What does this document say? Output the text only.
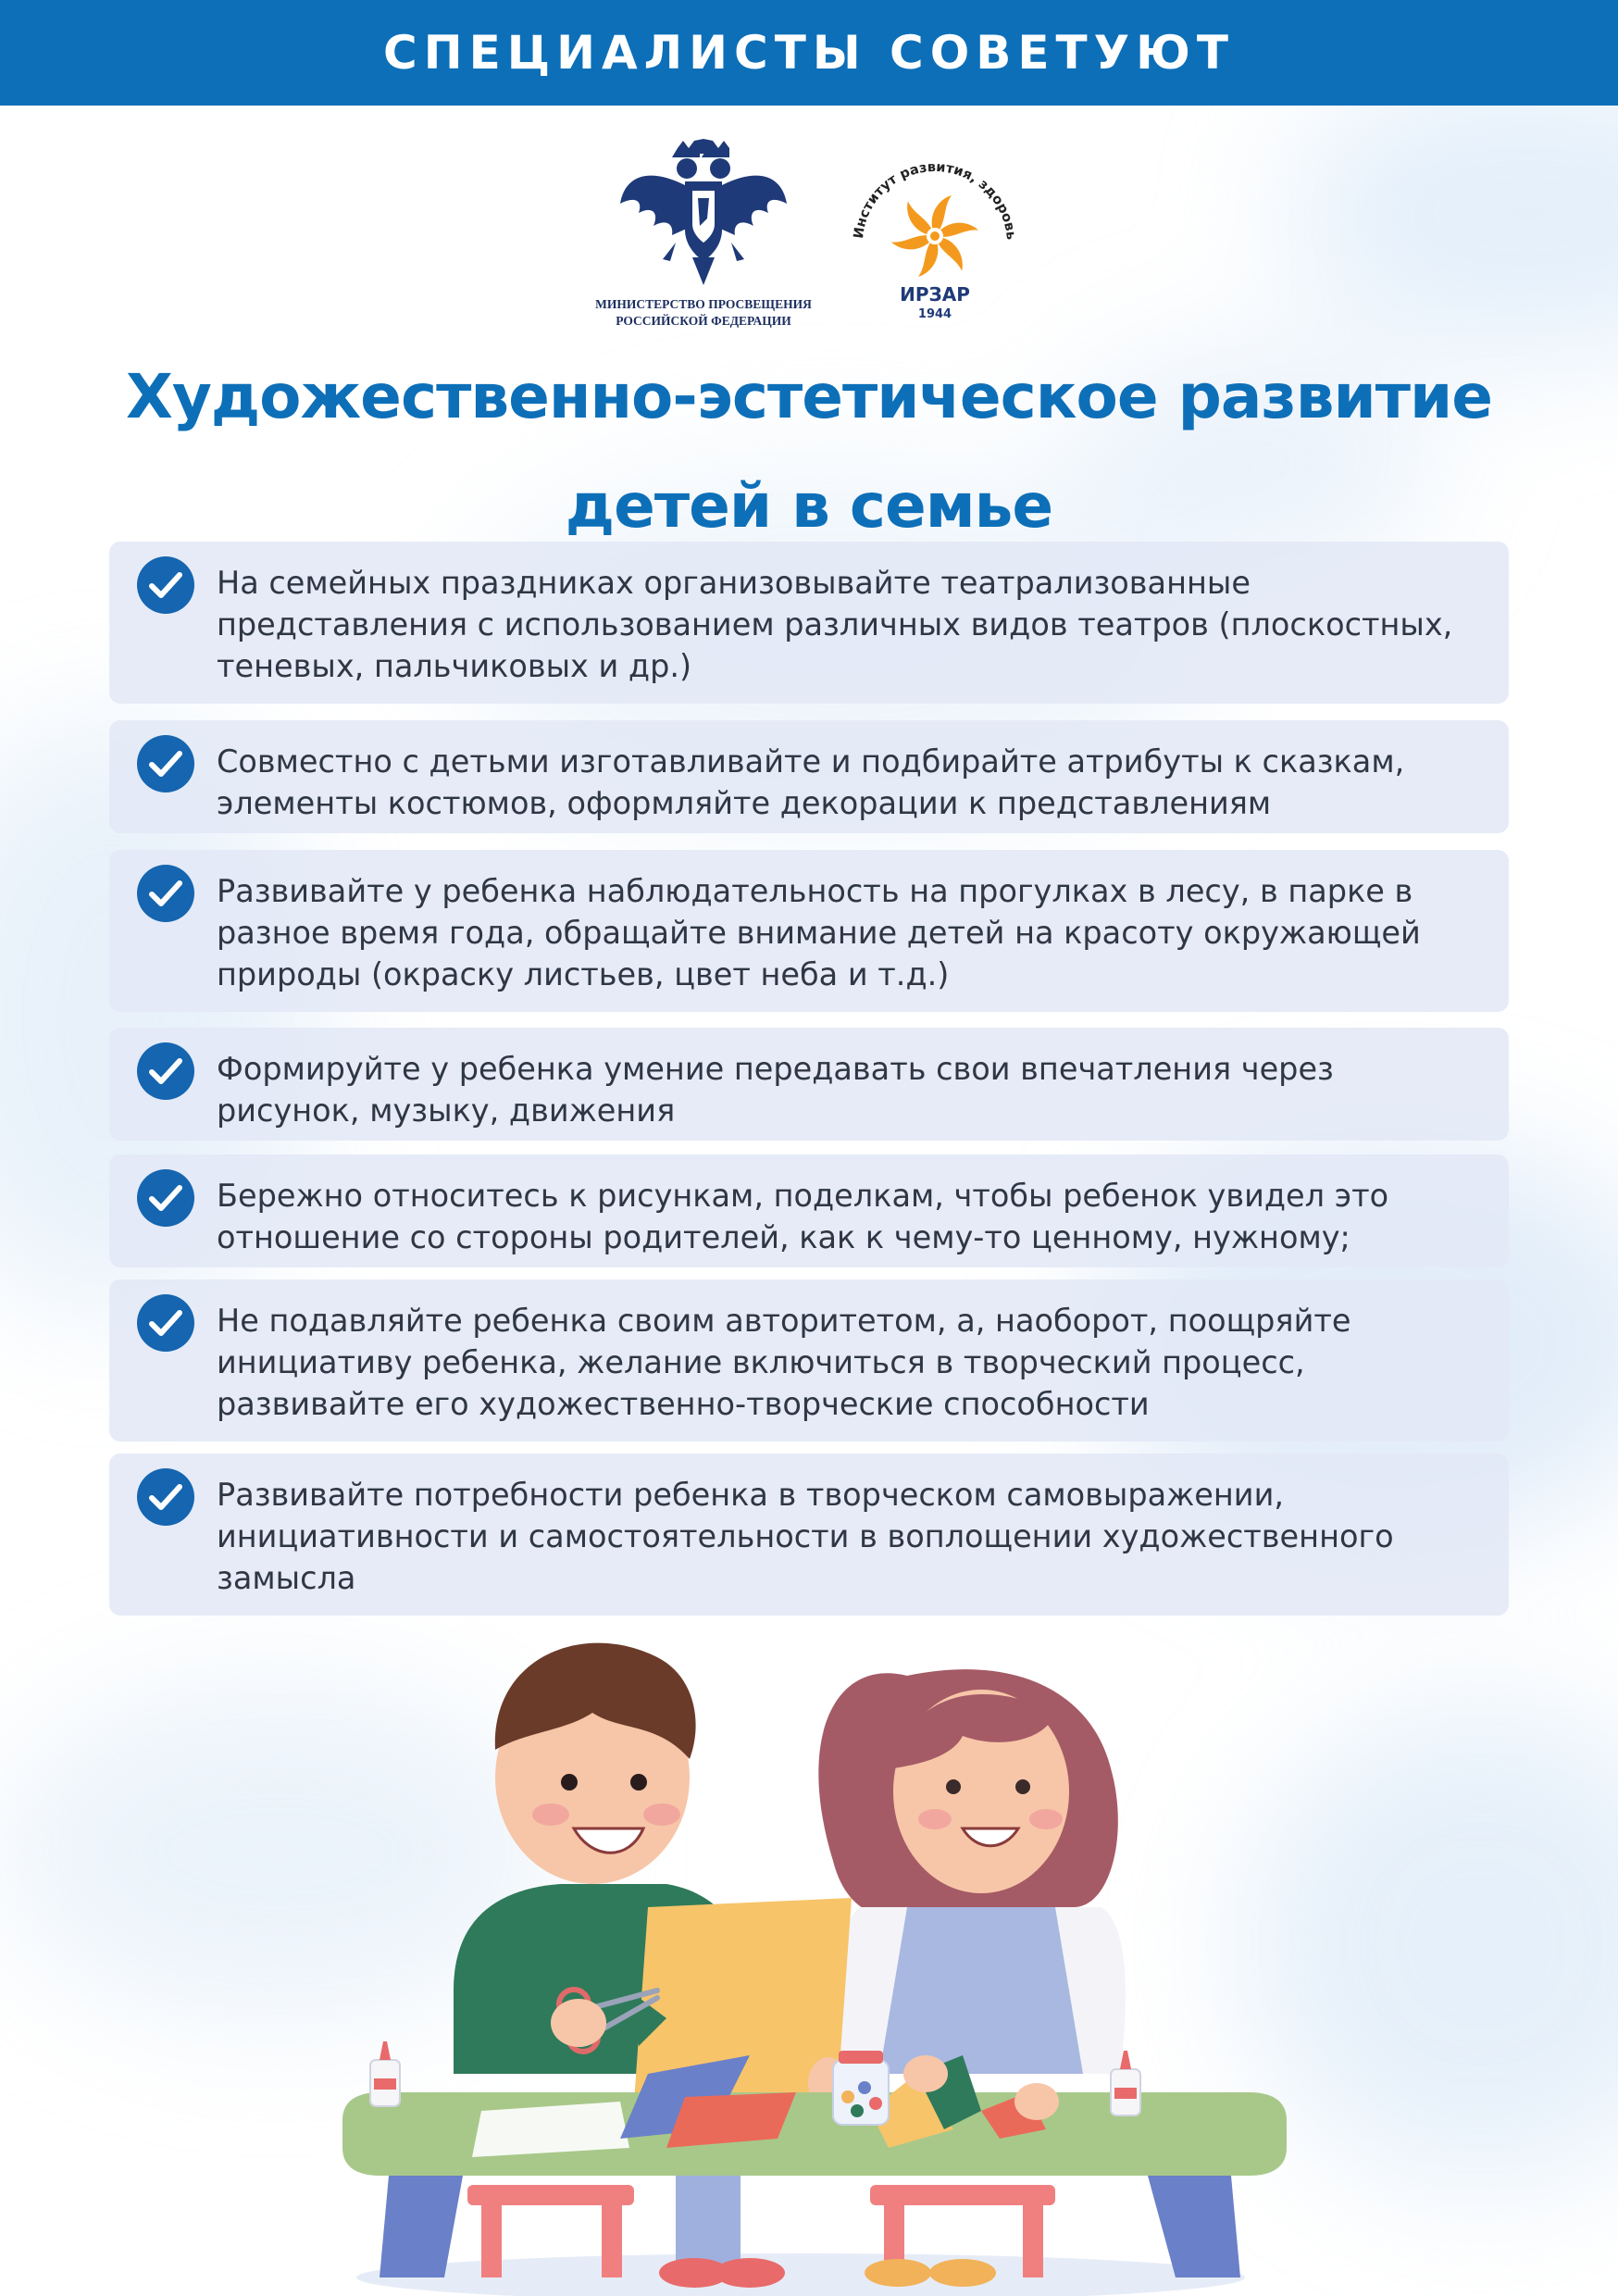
СПЕЦИАЛИСТЫ СОВЕТУЮТ
МИНИСТЕРСТВО ПРОСВЕЩЕНИЯ
РОССИЙСКОЙ ФЕДЕРАЦИИ
Институт развития, здоровь
ИРЗАР
1944
Художественно-эстетическое развитие
детей в семье
На семейных праздниках организовывайте театрализованные представления с использованием различных видов театров (плоскостных, теневых, пальчиковых и др.)
Совместно с детьми изготавливайте и подбирайте атрибуты к сказкам, элементы костюмов, оформляйте декорации к представлениям
Развивайте у ребенка наблюдательность на прогулках в лесу, в парке в разное время года, обращайте внимание детей на красоту окружающей природы (окраску листьев, цвет неба и т.д.)
Формируйте у ребенка умение передавать свои впечатления через рисунок, музыку, движения
Бережно относитесь к рисункам, поделкам, чтобы ребенок увидел это отношение со стороны родителей, как к чему-то ценному, нужному;
Не подавляйте ребенка своим авторитетом, а, наоборот, поощряйте инициативу ребенка, желание включиться в творческий процесс, развивайте его художественно-творческие способности
Развивайте потребности ребенка в творческом самовыражении, инициативности и самостоятельности в воплощении художественного замысла
